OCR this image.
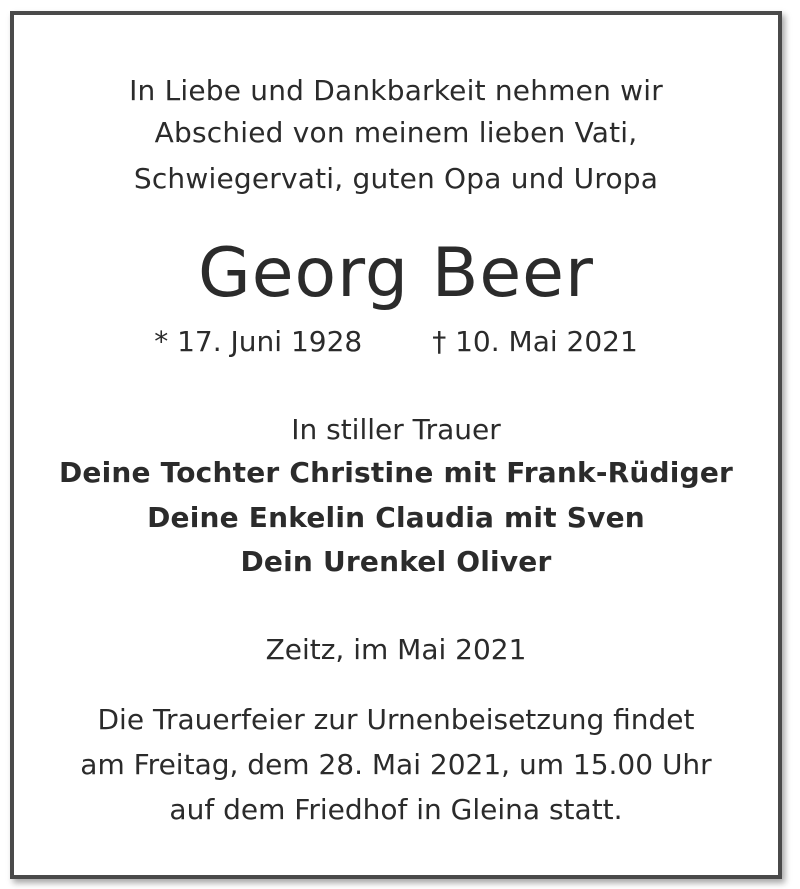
In Liebe und Dankbarkeit nehmen wir
Abschied von meinem lieben Vati,
Schwiegervati, guten Opa und Uropa
Georg Beer
* 17. Juni 1928	† 10. Mai 2021
In stiller Trauer
Deine Tochter Christine mit Frank-Rüdiger
Deine Enkelin Claudia mit Sven
Dein Urenkel Oliver
Zeitz, im Mai 2021
Die Trauerfeier zur Urnenbeisetzung findet
am Freitag, dem 28. Mai 2021, um 15.00 Uhr
auf dem Friedhof in Gleina statt.
